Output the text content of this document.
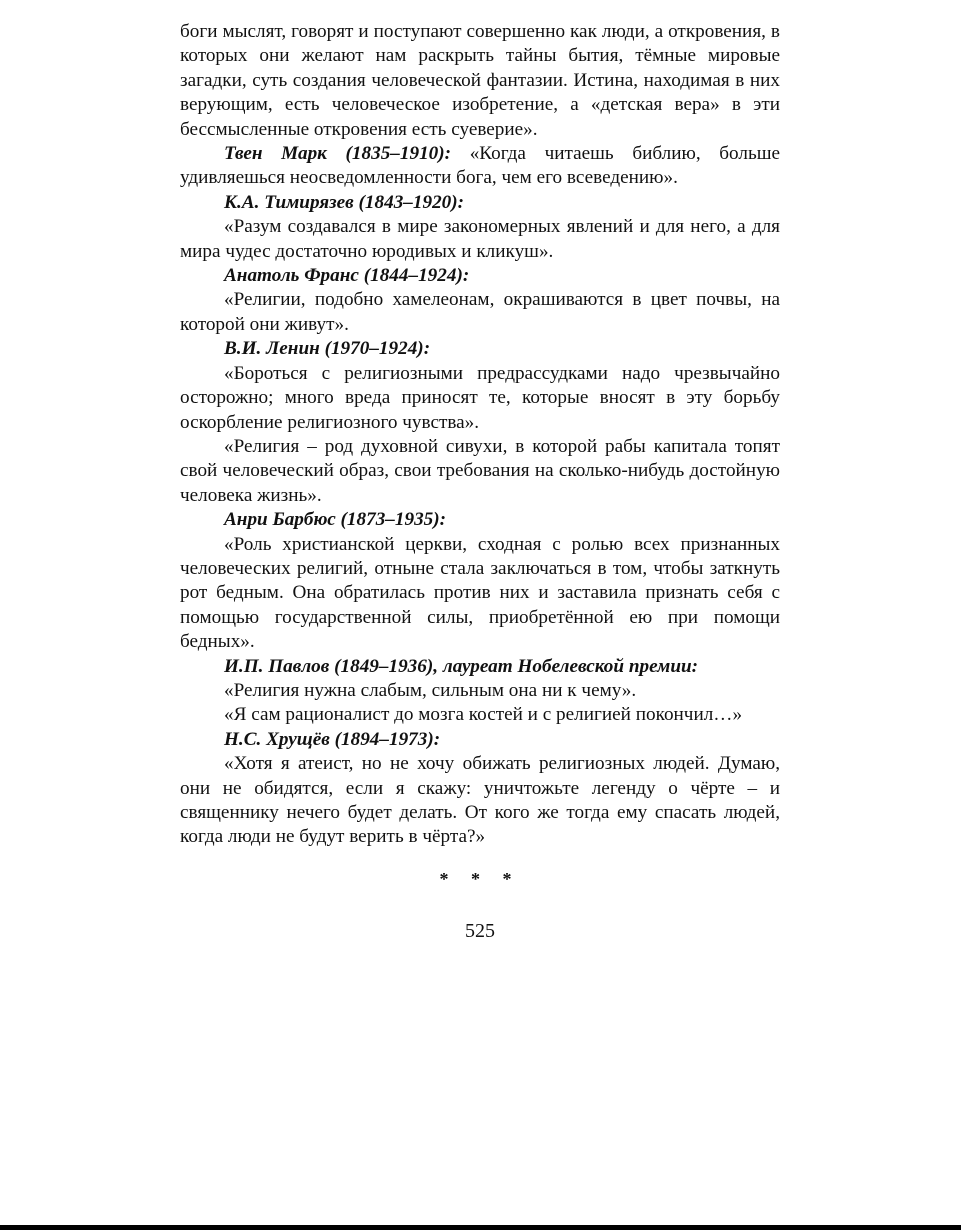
боги мыслят, говорят и поступают совершенно как люди, а откровения, в которых они желают нам раскрыть тайны бытия, тёмные мировые загадки, суть создания человеческой фантазии. Истина, находимая в них верующим, есть человеческое изобретение, а «детская вера» в эти бессмысленные откровения есть суеверие».

Твен Марк (1835–1910): «Когда читаешь библию, больше удивляешься неосведомленности бога, чем его всеведению».

К.А. Тимирязев (1843–1920):

«Разум создавался в мире закономерных явлений и для него, а для мира чудес достаточно юродивых и кликуш».

Анатоль Франс (1844–1924):

«Религии, подобно хамелеонам, окрашиваются в цвет почвы, на которой они живут».

В.И. Ленин (1970–1924):

«Бороться с религиозными предрассудками надо чрезвычайно осторожно; много вреда приносят те, которые вносят в эту борьбу оскорбление религиозного чувства».

«Религия – род духовной сивухи, в которой рабы капитала топят свой человеческий образ, свои требования на сколько-нибудь достойную человека жизнь».

Анри Барбюс (1873–1935):

«Роль христианской церкви, сходная с ролью всех признанных человеческих религий, отныне стала заключаться в том, чтобы заткнуть рот бедным. Она обратилась против них и заставила признать себя с помощью государственной силы, приобретённой ею при помощи бедных».

И.П. Павлов (1849–1936), лауреат Нобелевской премии:

«Религия нужна слабым, сильным она ни к чему».

«Я сам рационалист до мозга костей и с религией покончил…»

Н.С. Хрущёв (1894–1973):

«Хотя я атеист, но не хочу обижать религиозных людей. Думаю, они не обидятся, если я скажу: уничтожьте легенду о чёрте – и священнику нечего будет делать. От кого же тогда ему спасать людей, когда люди не будут верить в чёрта?»

* * *
525
